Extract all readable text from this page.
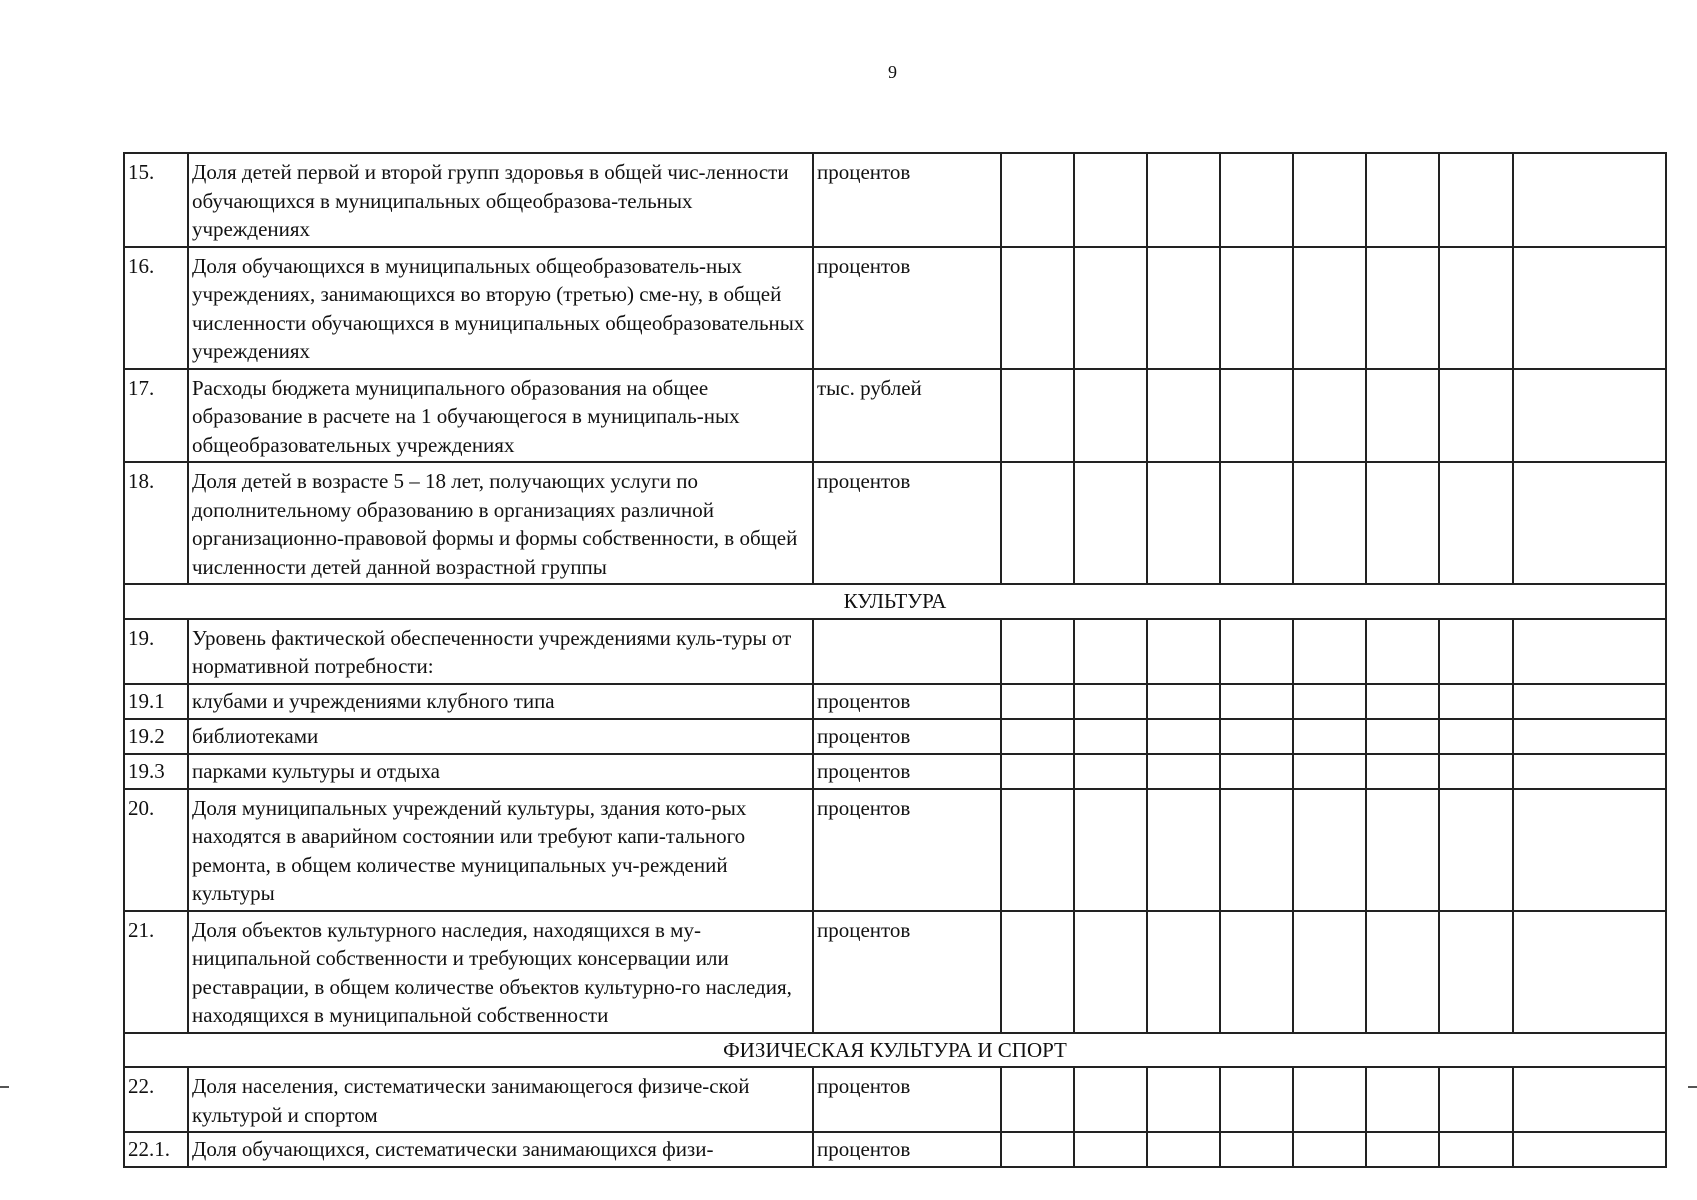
9
15.	Доля детей первой и второй групп здоровья в общей чис-ленности обучающихся в муниципальных общеобразова-тельных учреждениях	процентов								
16.	Доля обучающихся в муниципальных общеобразователь-ных учреждениях, занимающихся во вторую (третью) сме-ну, в общей численности обучающихся в муниципальных общеобразовательных учреждениях	процентов								
17.	Расходы бюджета муниципального образования на общее образование в расчете на 1 обучающегося в муниципаль-ных общеобразовательных учреждениях	тыс. рублей								
18.	Доля детей в возрасте 5 – 18 лет, получающих услуги по дополнительному образованию в организациях различной организационно-правовой формы и формы собственности, в общей численности детей данной возрастной группы	процентов								
КУЛЬТУРА										
19.	Уровень фактической обеспеченности учреждениями куль-туры от нормативной потребности:									
19.1	клубами и учреждениями клубного типа	процентов								
19.2	библиотеками	процентов								
19.3	парками культуры и отдыха	процентов								
20.	Доля муниципальных учреждений культуры, здания кото-рых находятся в аварийном состоянии или требуют капи-тального ремонта, в общем количестве муниципальных уч-реждений культуры	процентов								
21.	Доля объектов культурного наследия, находящихся в му-ниципальной собственности и требующих консервации или реставрации, в общем количестве объектов культурно-го наследия, находящихся в муниципальной собственности	процентов								
ФИЗИЧЕСКАЯ КУЛЬТУРА И СПОРТ										
22.	Доля населения, систематически занимающегося физиче-ской культурой и спортом	процентов								
22.1.	Доля обучающихся, систематически занимающихся физи-	процентов								
